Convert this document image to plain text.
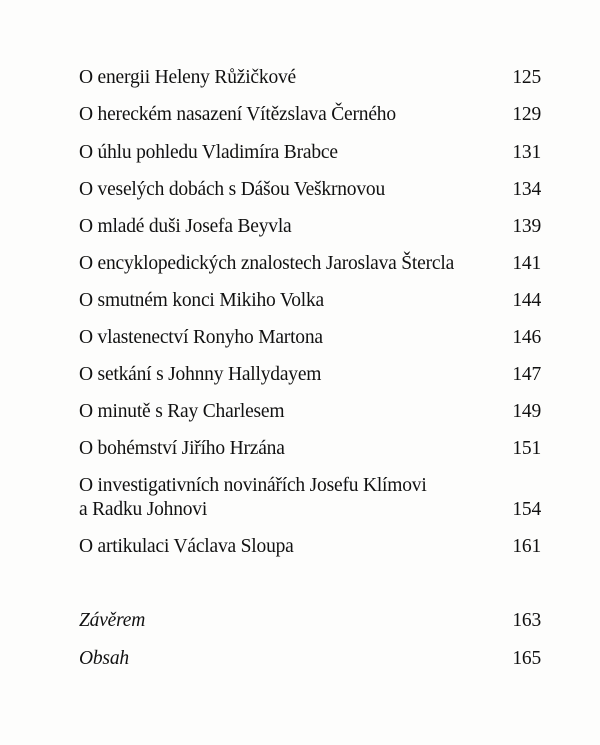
O energii Heleny Růžičkové	125
O hereckém nasazení Vítězslava Černého	129
O úhlu pohledu Vladimíra Brabce	131
O veselých dobách s Dášou Veškrnovou	134
O mladé duši Josefa Beyvla	139
O encyklopedických znalostech Jaroslava Štercla	141
O smutném konci Mikiho Volka	144
O vlastenectví Ronyho Martona	146
O setkání s Johnny Hallydayem	147
O minutě s Ray Charlesem	149
O bohémství Jiřího Hrzána	151
O investigativních novinářích Josefu Klímovi
a Radku Johnovi	154
O artikulaci Václava Sloupa	161
Závěrem	163
Obsah	165
